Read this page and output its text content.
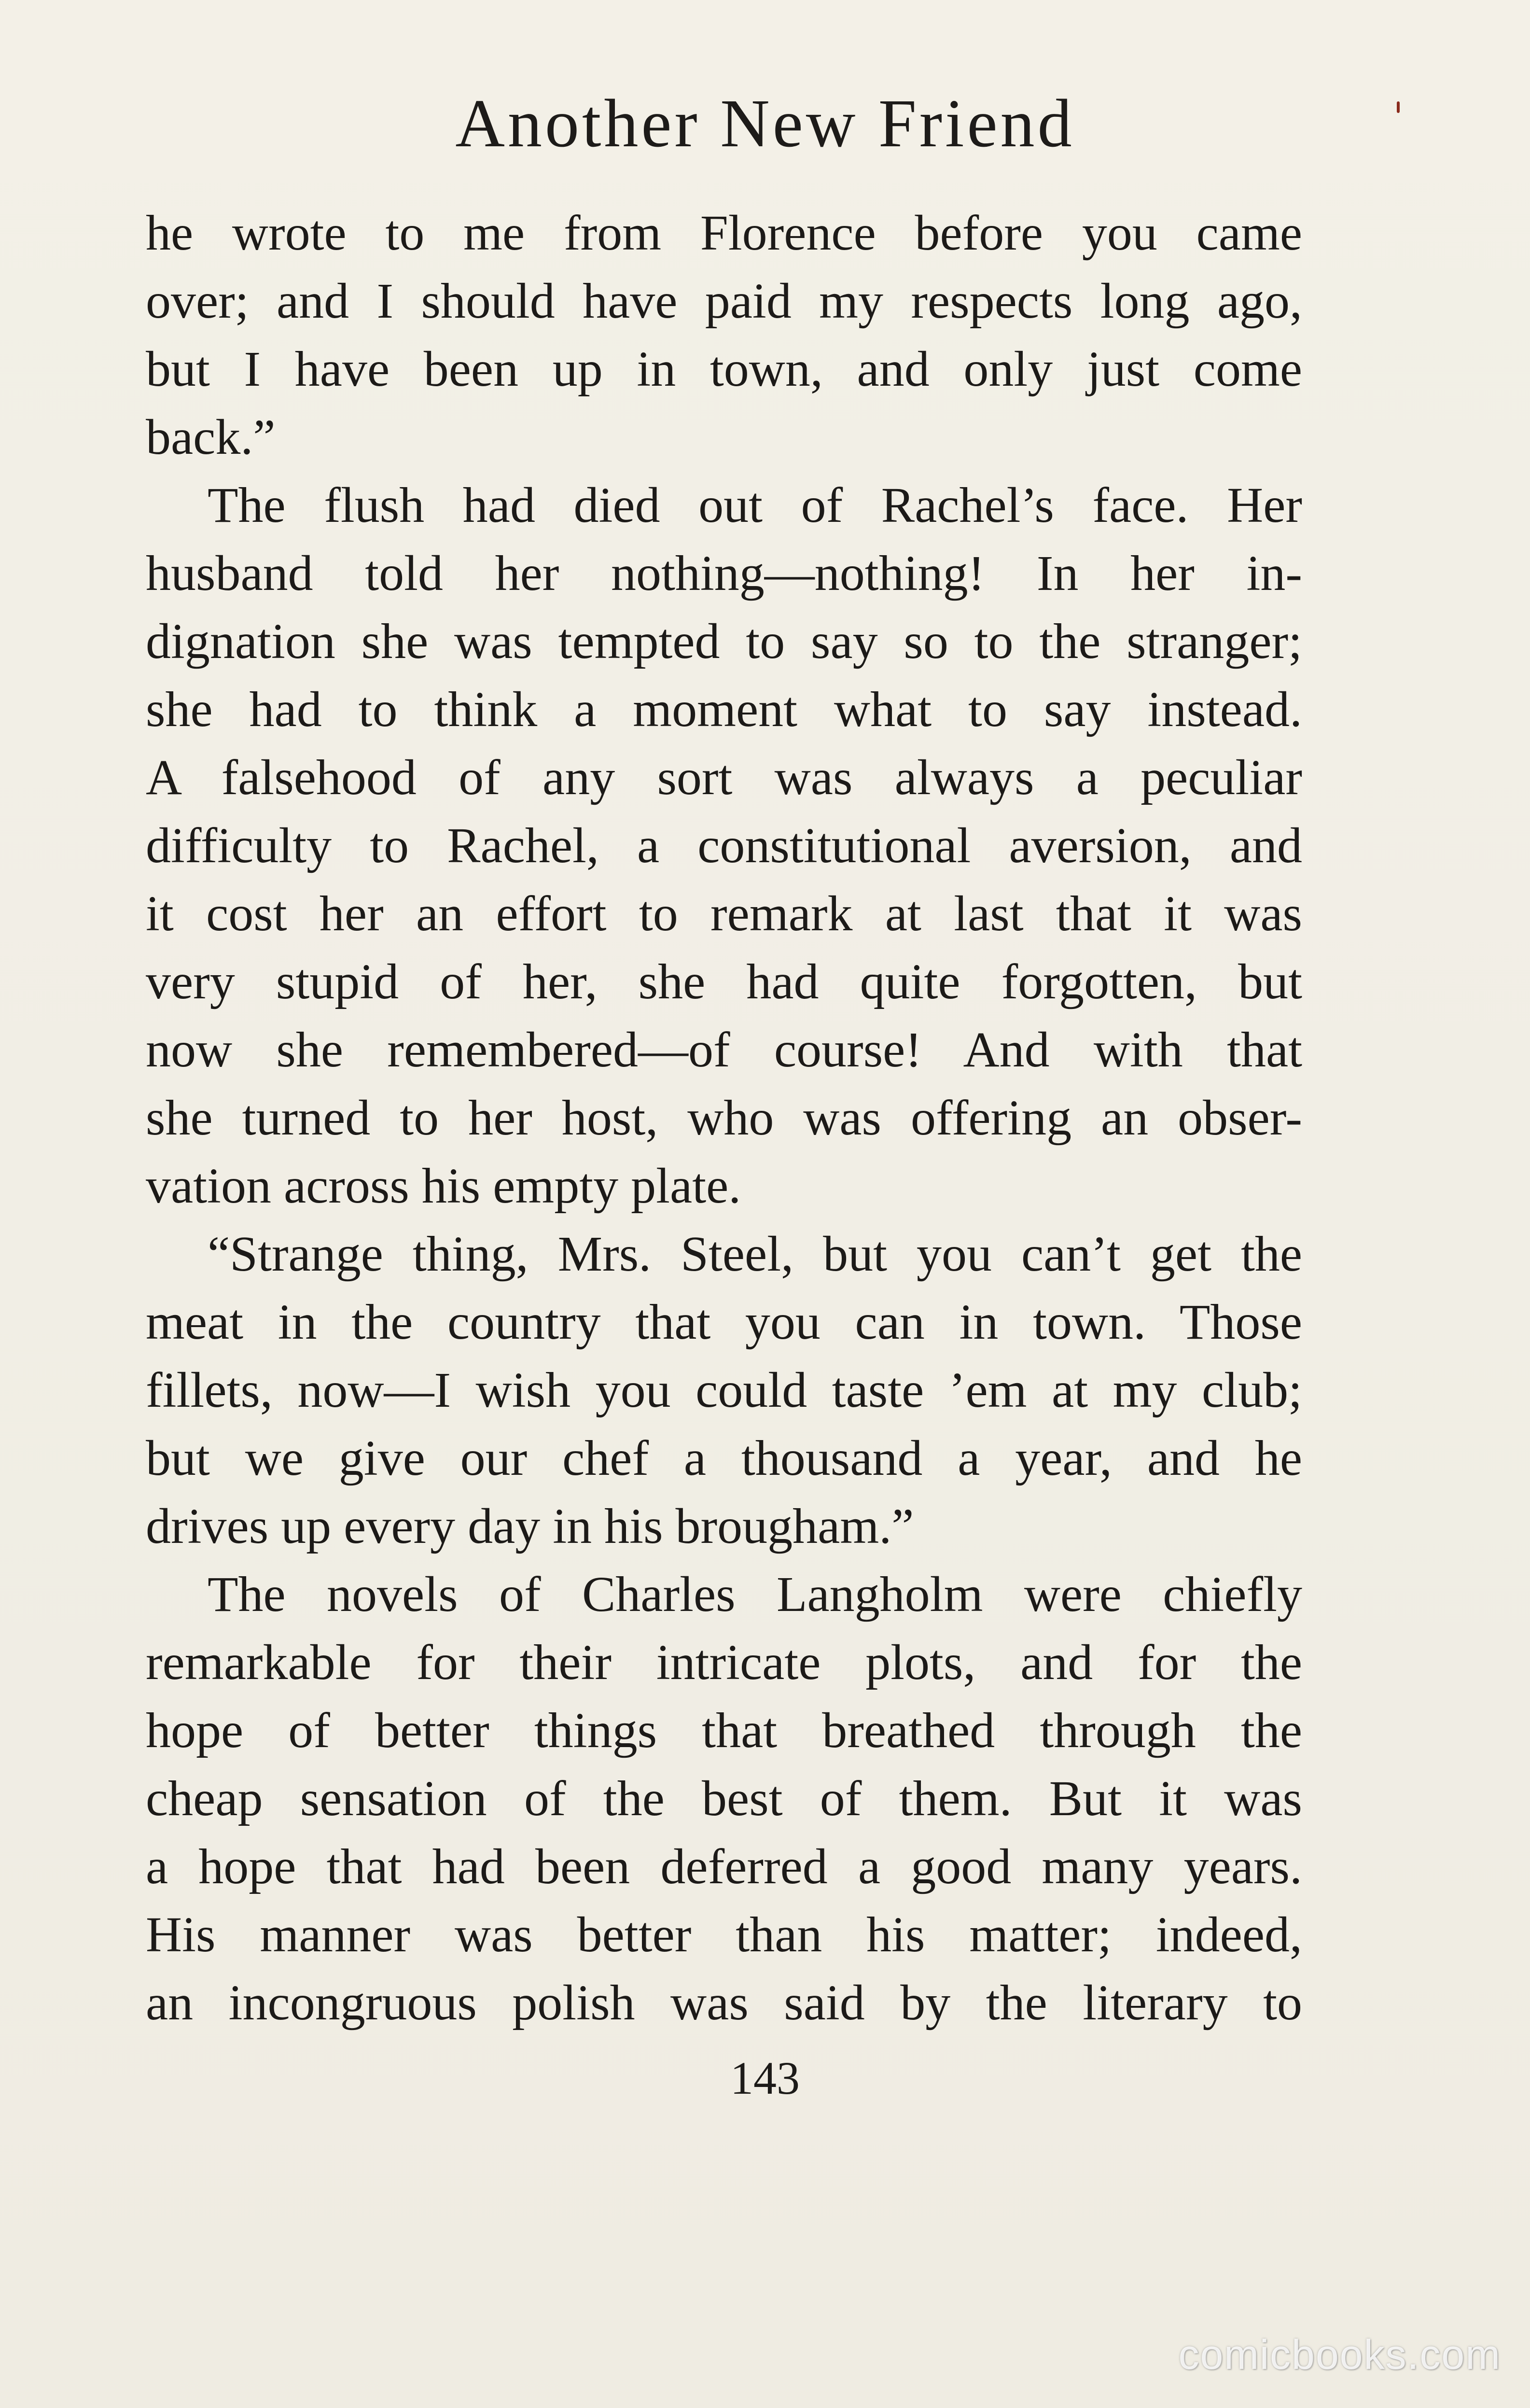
Another New Friend
he wrote to me from Florence before you came
over; and I should have paid my respects long ago,
but I have been up in town, and only just come
back.”
The flush had died out of Rachel’s face. Her
husband told her nothing—nothing! In her in-
dignation she was tempted to say so to the stranger;
she had to think a moment what to say instead.
A falsehood of any sort was always a peculiar
difficulty to Rachel, a constitutional aversion, and
it cost her an effort to remark at last that it was
very stupid of her, she had quite forgotten, but
now she remembered—of course! And with that
she turned to her host, who was offering an obser-
vation across his empty plate.
“Strange thing, Mrs. Steel, but you can’t get the
meat in the country that you can in town. Those
fillets, now—I wish you could taste ’em at my club;
but we give our chef a thousand a year, and he
drives up every day in his brougham.”
The novels of Charles Langholm were chiefly
remarkable for their intricate plots, and for the
hope of better things that breathed through the
cheap sensation of the best of them. But it was
a hope that had been deferred a good many years.
His manner was better than his matter; indeed,
an incongruous polish was said by the literary to
143
comicbooks.com
